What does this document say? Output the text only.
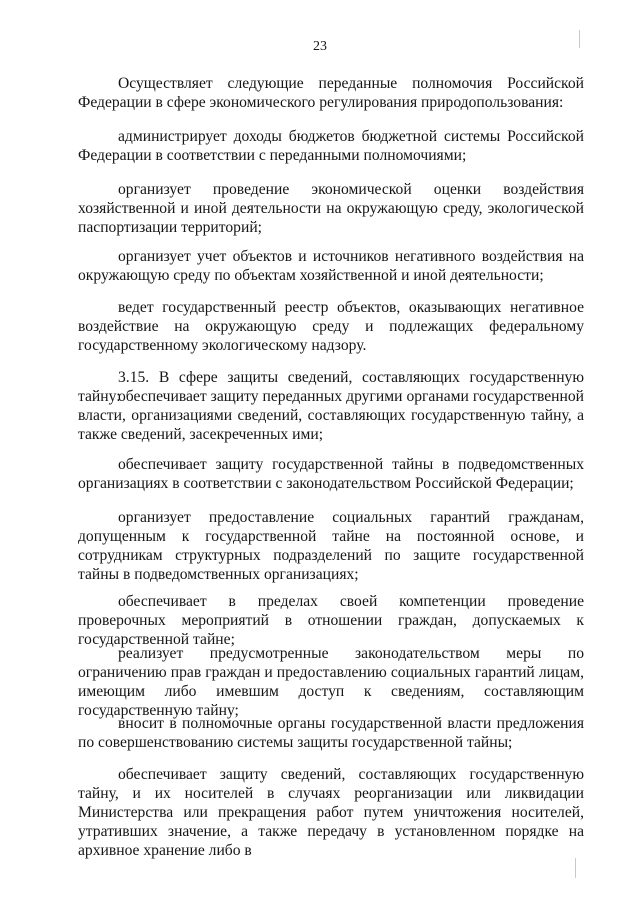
23

Осуществляет следующие переданные полномочия Российской Федерации в сфере экономического регулирования природопользования:

администрирует доходы бюджетов бюджетной системы Российской Федерации в соответствии с переданными полномочиями;

организует проведение экономической оценки воздействия хозяйственной и иной деятельности на окружающую среду, экологической паспортизации территорий;

организует учет объектов и источников негативного воздействия на окружающую среду по объектам хозяйственной и иной деятельности;

ведет государственный реестр объектов, оказывающих негативное воздействие на окружающую среду и подлежащих федеральному государственному экологическому надзору.

3.15. В сфере защиты сведений, составляющих государственную тайну:

обеспечивает защиту переданных другими органами государственной власти, организациями сведений, составляющих государственную тайну, а также сведений, засекреченных ими;

обеспечивает защиту государственной тайны в подведомственных организациях в соответствии с законодательством Российской Федерации;

организует предоставление социальных гарантий гражданам, допущенным к государственной тайне на постоянной основе, и сотрудникам структурных подразделений по защите государственной тайны в подведомственных организациях;

обеспечивает в пределах своей компетенции проведение проверочных мероприятий в отношении граждан, допускаемых к государственной тайне;

реализует предусмотренные законодательством меры по ограничению прав граждан и предоставлению социальных гарантий лицам, имеющим либо имевшим доступ к сведениям, составляющим государственную тайну;

вносит в полномочные органы государственной власти предложения по совершенствованию системы защиты государственной тайны;

обеспечивает защиту сведений, составляющих государственную тайну, и их носителей в случаях реорганизации или ликвидации Министерства или прекращения работ путем уничтожения носителей, утративших значение, а также передачу в установленном порядке на архивное хранение либо в
